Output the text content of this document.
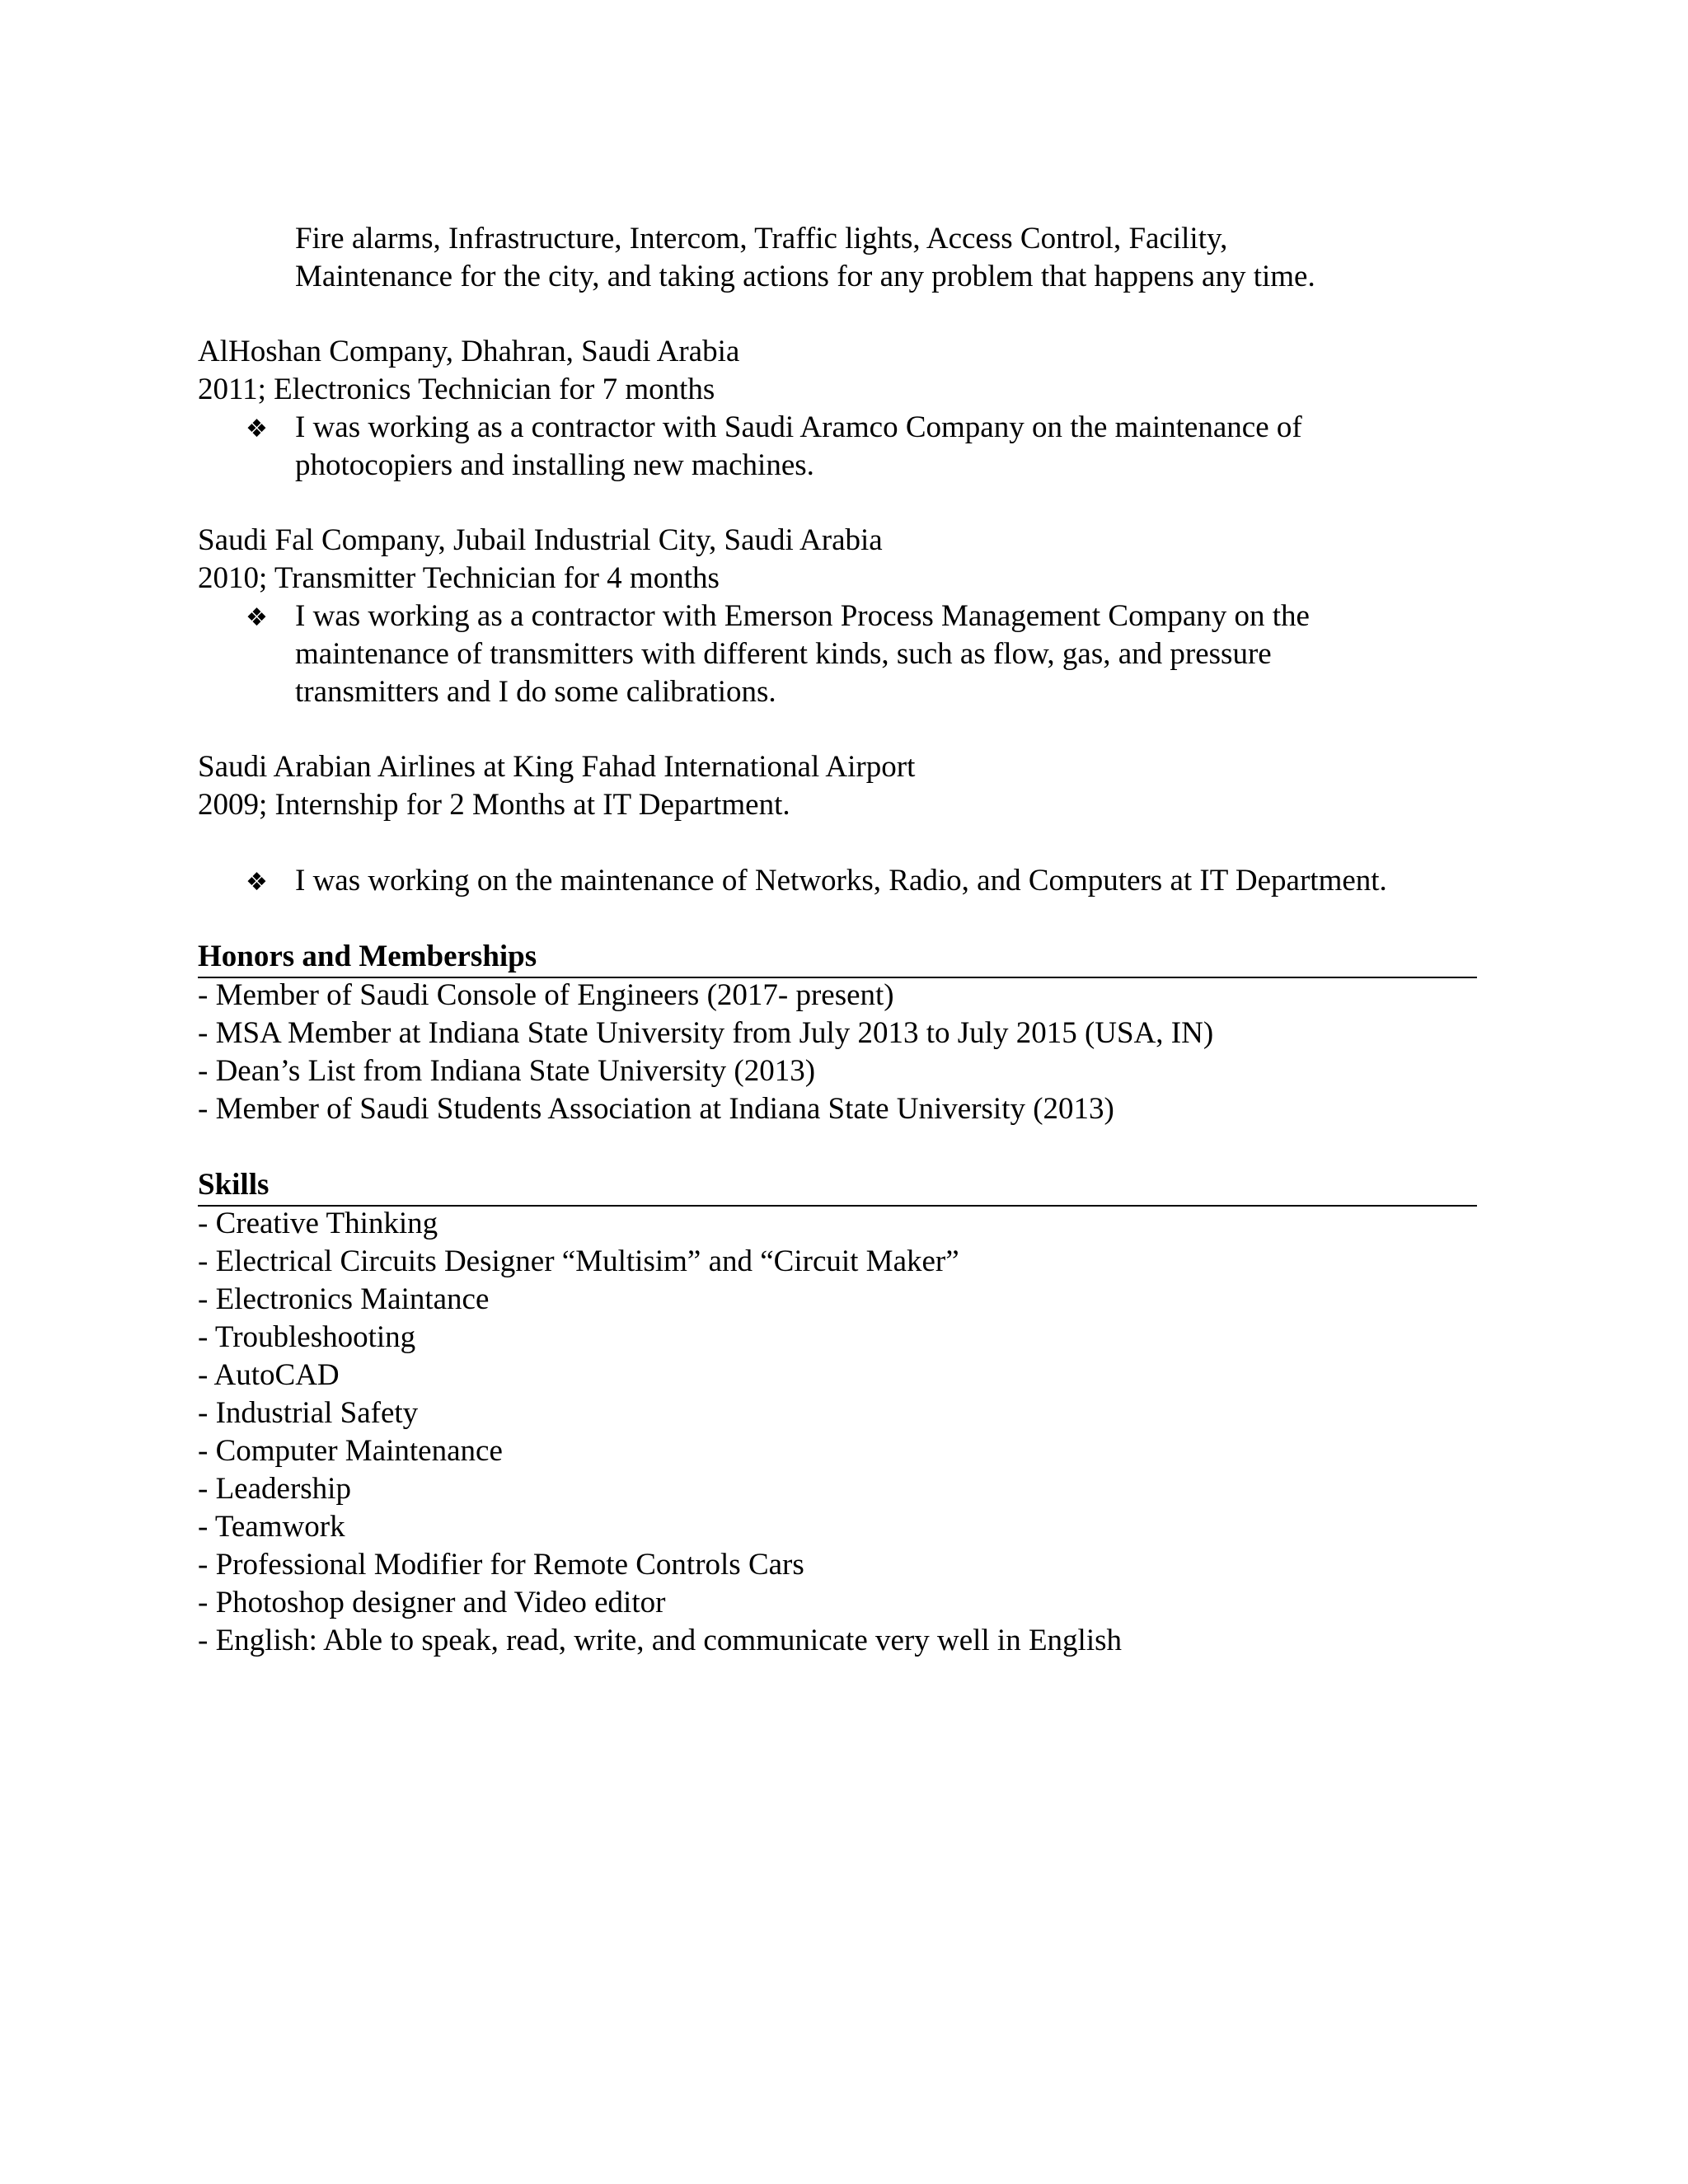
Fire alarms, Infrastructure, Intercom, Traffic lights, Access Control, Facility,
Maintenance for the city, and taking actions for any problem that happens any time.
AlHoshan Company, Dhahran, Saudi Arabia
2011; Electronics Technician for 7 months
❖ I was working as a contractor with Saudi Aramco Company on the maintenance of
photocopiers and installing new machines.
Saudi Fal Company, Jubail Industrial City, Saudi Arabia
2010; Transmitter Technician for 4 months
❖ I was working as a contractor with Emerson Process Management Company on the
maintenance of transmitters with different kinds, such as flow, gas, and pressure
transmitters and I do some calibrations.
Saudi Arabian Airlines at King Fahad International Airport
2009; Internship for 2 Months at IT Department.
❖ I was working on the maintenance of Networks, Radio, and Computers at IT Department.
Honors and Memberships
- Member of Saudi Console of Engineers (2017- present)
- MSA Member at Indiana State University from July 2013 to July 2015 (USA, IN)
- Dean’s List from Indiana State University (2013)
- Member of Saudi Students Association at Indiana State University (2013)
Skills
- Creative Thinking
- Electrical Circuits Designer “Multisim” and “Circuit Maker”
- Electronics Maintance
- Troubleshooting
- AutoCAD
- Industrial Safety
- Computer Maintenance
- Leadership
- Teamwork
- Professional Modifier for Remote Controls Cars
- Photoshop designer and Video editor
- English: Able to speak, read, write, and communicate very well in English
